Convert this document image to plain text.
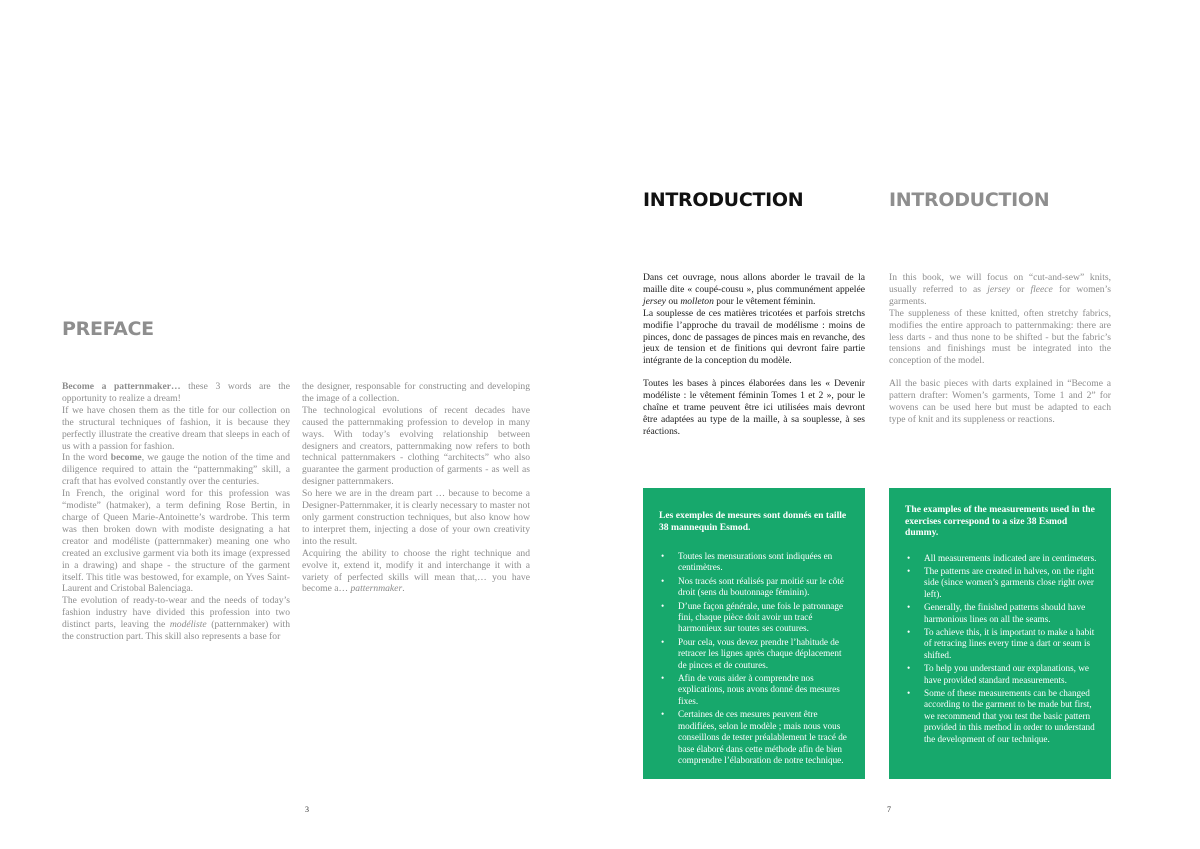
PREFACE

Become a patternmaker… these 3 words are the opportunity to realize a dream!

If we have chosen them as the title for our collection on the structural techniques of fashion, it is because they perfectly illustrate the creative dream that sleeps in each of us with a passion for fashion.

In the word become, we gauge the notion of the time and diligence required to attain the “patternmaking” skill, a craft that has evolved constantly over the centuries.

In French, the original word for this profession was “modiste” (hatmaker), a term defining Rose Bertin, in charge of Queen Marie-Antoinette’s wardrobe. This term was then broken down with modiste designating a hat creator and modéliste (patternmaker) meaning one who created an exclusive garment via both its image (expressed in a drawing) and shape - the structure of the garment itself. This title was bestowed, for example, on Yves Saint-Laurent and Cristobal Balenciaga.

The evolution of ready-to-wear and the needs of today’s fashion industry have divided this profession into two distinct parts, leaving the modéliste (patternmaker) with the construction part. This skill also represents a base for

the designer, responsable for constructing and developing the image of a collection.

The technological evolutions of recent decades have caused the patternmaking profession to develop in many ways. With today’s evolving relationship between designers and creators, patternmaking now refers to both technical patternmakers - clothing “architects” who also guarantee the garment production of garments - as well as designer patternmakers.

So here we are in the dream part … because to become a Designer-Patternmaker, it is clearly necessary to master not only garment construction techniques, but also know how to interpret them, injecting a dose of your own creativity into the result.

Acquiring the ability to choose the right technique and evolve it, extend it, modify it and interchange it with a variety of perfected skills will mean that,… you have become a… patternmaker.

3
INTRODUCTION

Dans cet ouvrage, nous allons aborder le travail de la maille dite « coupé-cousu », plus communément appelée jersey ou molleton pour le vêtement féminin.

La souplesse de ces matières tricotées et parfois stretchs modifie l’approche du travail de modélisme : moins de pinces, donc de passages de pinces mais en revanche, des jeux de tension et de finitions qui devront faire partie intégrante de la conception du modèle.

Toutes les bases à pinces élaborées dans les « Devenir modéliste : le vêtement féminin Tomes 1 et 2 », pour le chaîne et trame peuvent être ici utilisées mais devront être adaptées au type de la maille, à sa souplesse, à ses réactions.

Les exemples de mesures sont donnés en taille 38 mannequin Esmod.

• Toutes les mensurations sont indiquées en centimètres.
• Nos tracés sont réalisés par moitié sur le côté droit (sens du boutonnage féminin).
• D’une façon générale, une fois le patronnage fini, chaque pièce doit avoir un tracé harmonieux sur toutes ses coutures.
• Pour cela, vous devez prendre l’habitude de retracer les lignes après chaque déplacement de pinces et de coutures.
• Afin de vous aider à comprendre nos explications, nous avons donné des mesures fixes.
• Certaines de ces mesures peuvent être modifiées, selon le modèle ; mais nous vous conseillons de tester préalablement le tracé de base élaboré dans cette méthode afin de bien comprendre l’élaboration de notre technique.
INTRODUCTION

In this book, we will focus on “cut-and-sew” knits, usually referred to as jersey or fleece for women’s garments.

The suppleness of these knitted, often stretchy fabrics, modifies the entire approach to patternmaking: there are less darts - and thus none to be shifted - but the fabric’s tensions and finishings must be integrated into the conception of the model.

All the basic pieces with darts explained in “Become a pattern drafter: Women’s garments, Tome 1 and 2” for wovens can be used here but must be adapted to each type of knit and its suppleness or reactions.

The examples of the measurements used in the exercises correspond to a size 38 Esmod dummy.

• All measurements indicated are in centimeters.
• The patterns are created in halves, on the right side (since women’s garments close right over left).
• Generally, the finished patterns should have harmonious lines on all the seams.
• To achieve this, it is important to make a habit of retracing lines every time a dart or seam is shifted.
• To help you understand our explanations, we have provided standard measurements.
• Some of these measurements can be changed according to the garment to be made but first, we recommend that you test the basic pattern provided in this method in order to understand the development of our technique.
7
